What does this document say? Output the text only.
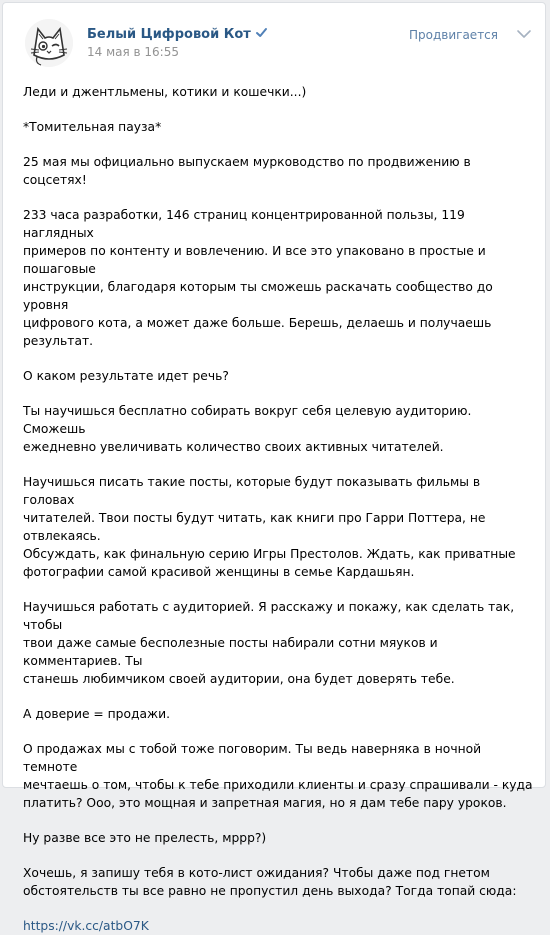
Белый Цифровой Кот
14 мая в 16:55
Продвигается

Леди и джентльмены, котики и кошечки...)

*Томительная пауза*

25 мая мы официально выпускаем мурководство по продвижению в соцсетях!

233 часа разработки, 146 страниц концентрированной пользы, 119 наглядных
примеров по контенту и вовлечению. И все это упаковано в простые и пошаговые
инструкции, благодаря которым ты сможешь раскачать сообщество до уровня
цифрового кота, а может даже больше. Берешь, делаешь и получаешь результат.

О каком результате идет речь?

Ты научишься бесплатно собирать вокруг себя целевую аудиторию. Сможешь
ежедневно увеличивать количество своих активных читателей.

Научишься писать такие посты, которые будут показывать фильмы в головах
читателей. Твои посты будут читать, как книги про Гарри Поттера, не отвлекаясь.
Обсуждать, как финальную серию Игры Престолов. Ждать, как приватные
фотографии самой красивой женщины в семье Кардашьян.

Научишься работать с аудиторией. Я расскажу и покажу, как сделать так, чтобы
твои даже самые бесполезные посты набирали сотни мяуков и комментариев. Ты
станешь любимчиком своей аудитории, она будет доверять тебе.

А доверие = продажи.

О продажах мы с тобой тоже поговорим. Ты ведь наверняка в ночной темноте
мечтаешь о том, чтобы к тебе приходили клиенты и сразу спрашивали - куда
платить? Ооо, это мощная и запретная магия, но я дам тебе пару уроков.

Ну разве все это не прелесть, мррр?)

Хочешь, я запишу тебя в кото-лист ожидания? Чтобы даже под гнетом
обстоятельств ты все равно не пропустил день выхода? Тогда топай сюда:

https://vk.cc/atbO7K
